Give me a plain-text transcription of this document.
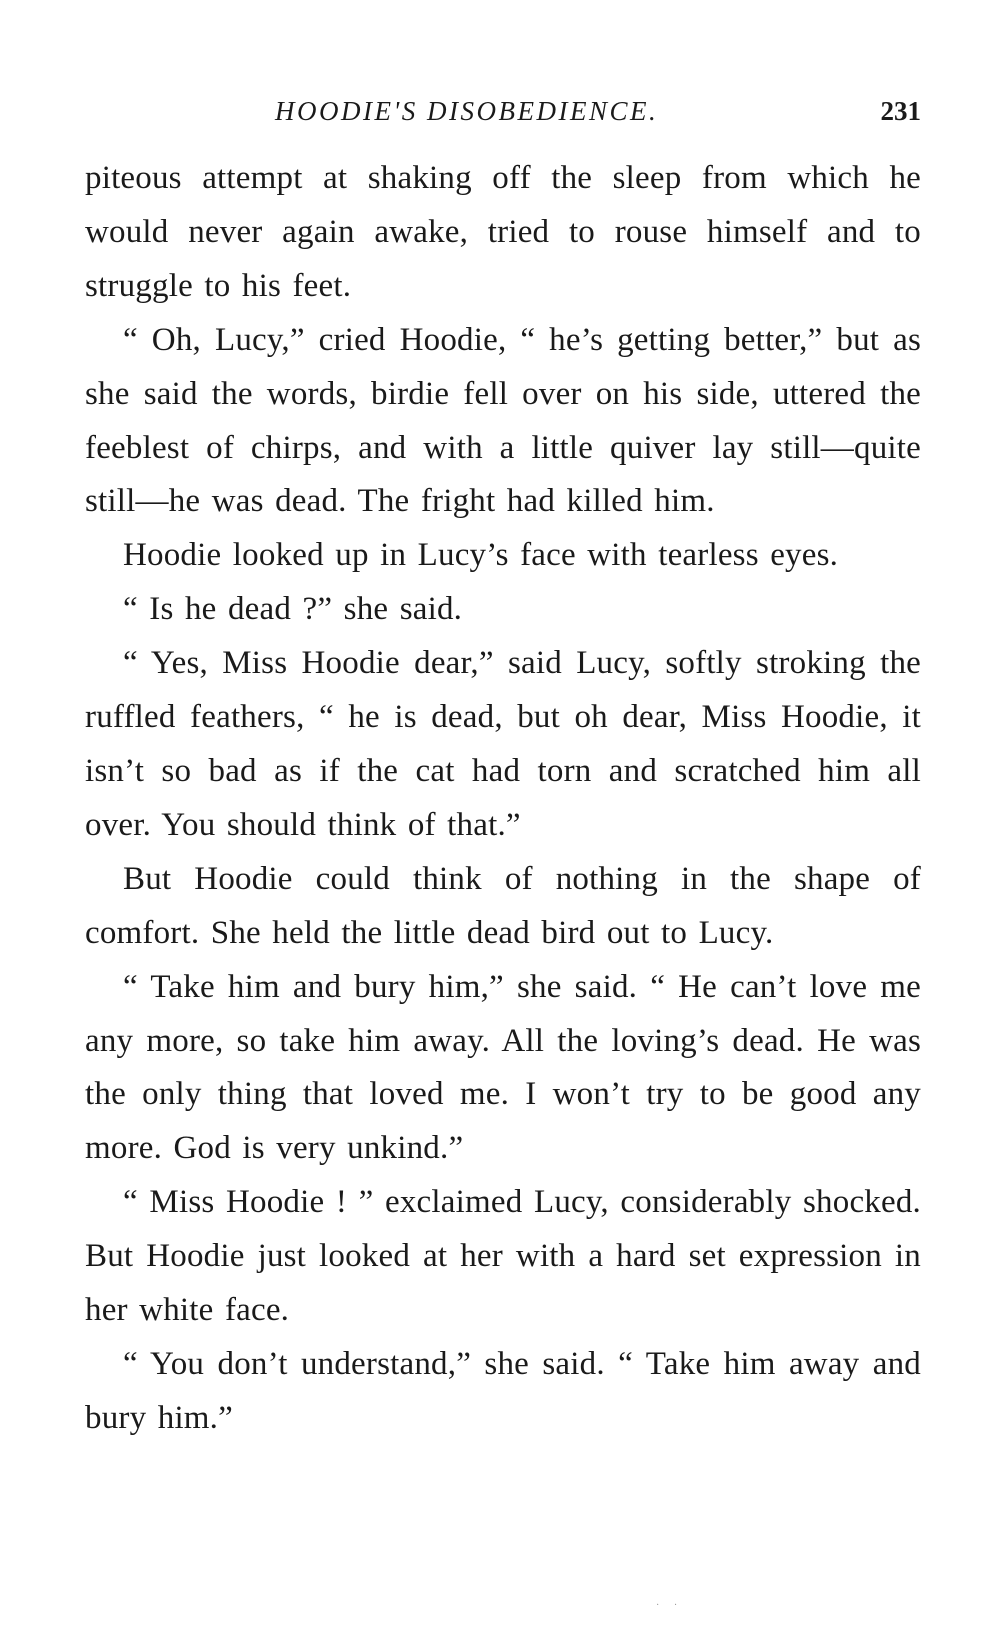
HOODIE'S DISOBEDIENCE.	231

piteous attempt at shaking off the sleep from which he would never again awake, tried to rouse himself and to struggle to his feet.

“ Oh, Lucy,” cried Hoodie, “ he’s getting better,” but as she said the words, birdie fell over on his side, uttered the feeblest of chirps, and with a little quiver lay still—quite still—he was dead. The fright had killed him.

Hoodie looked up in Lucy’s face with tearless eyes.

“ Is he dead ?” she said.

“ Yes, Miss Hoodie dear,” said Lucy, softly stroking the ruffled feathers, “ he is dead, but oh dear, Miss Hoodie, it isn’t so bad as if the cat had torn and scratched him all over. You should think of that.”

But Hoodie could think of nothing in the shape of comfort. She held the little dead bird out to Lucy.

“ Take him and bury him,” she said. “ He can’t love me any more, so take him away. All the loving’s dead. He was the only thing that loved me. I won’t try to be good any more. God is very unkind.”

“ Miss Hoodie ! ” exclaimed Lucy, considerably shocked. But Hoodie just looked at her with a hard set expression in her white face.

“ You don’t understand,” she said. “ Take him away and bury him.”

· ·
